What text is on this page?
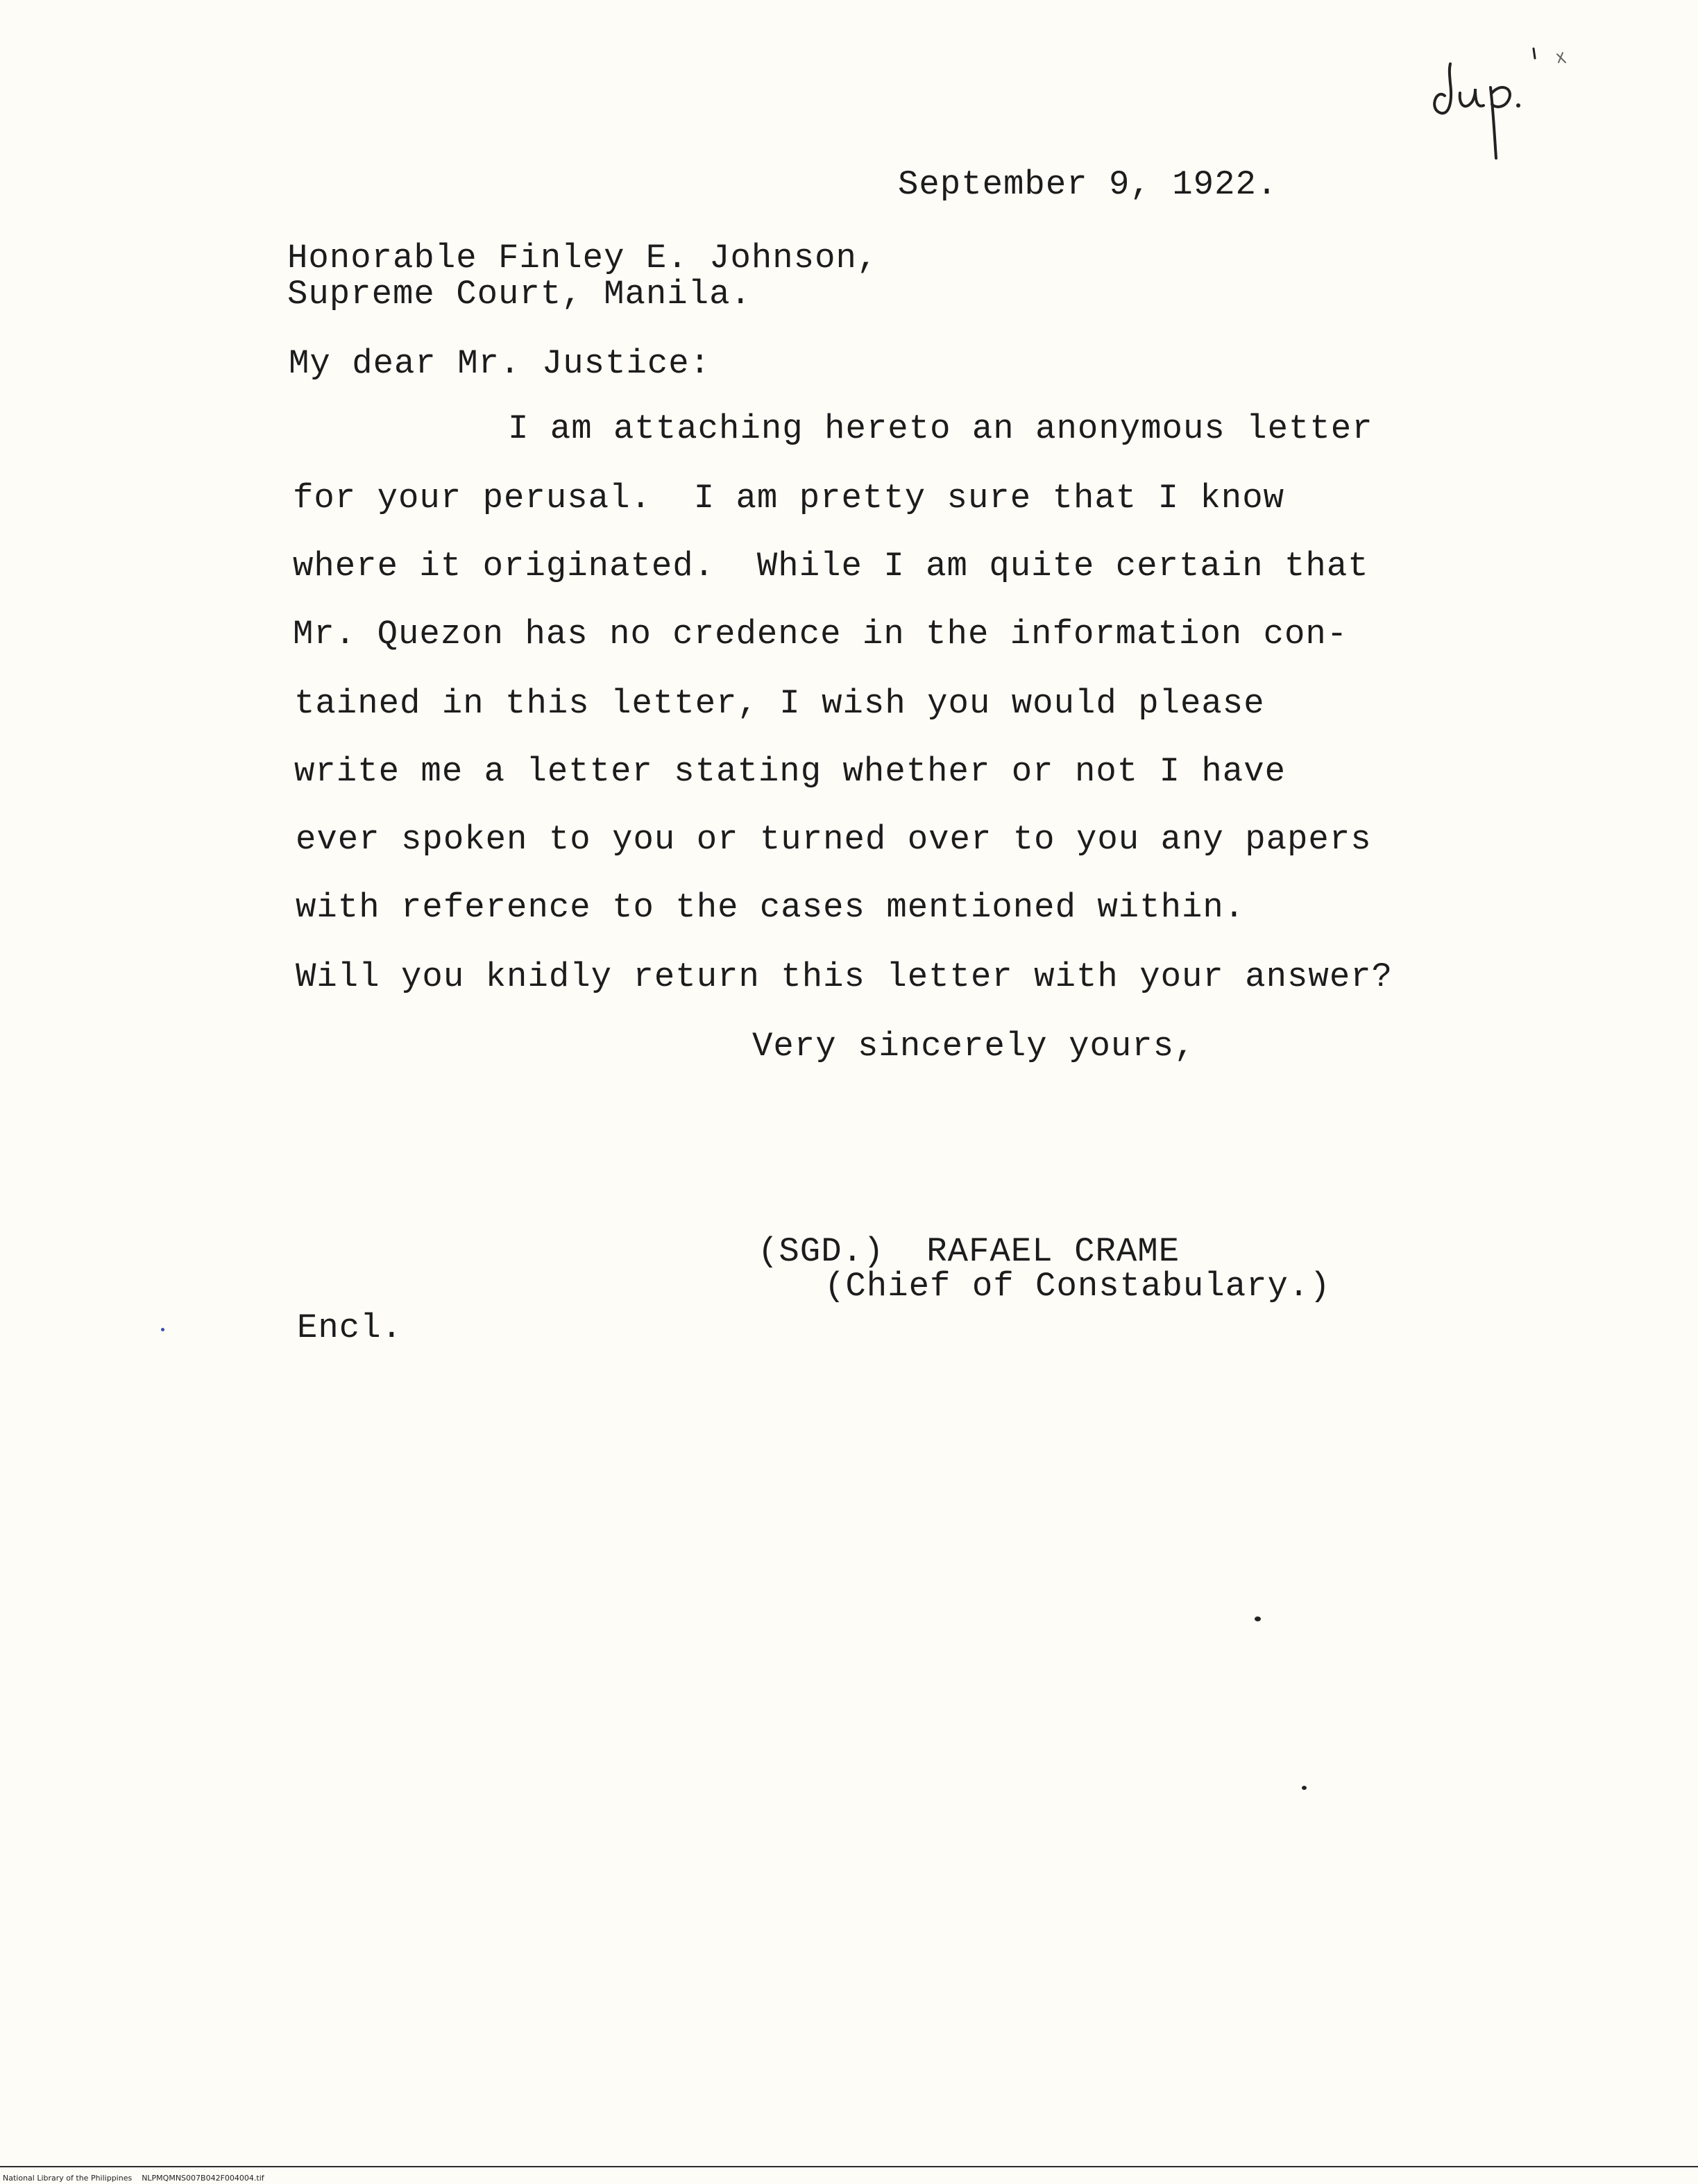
September 9, 1922.
Honorable Finley E. Johnson,
Supreme Court, Manila.
My dear Mr. Justice:
I am attaching hereto an anonymous letter
for your perusal.  I am pretty sure that I know
where it originated.  While I am quite certain that
Mr. Quezon has no credence in the information con-
tained in this letter, I wish you would please
write me a letter stating whether or not I have
ever spoken to you or turned over to you any papers
with reference to the cases mentioned within.
Will you knidly return this letter with your answer?
Very sincerely yours,
(SGD.)  RAFAEL CRAME
(Chief of Constabulary.)
Encl.
National Library of the Philippines    NLPMQMNS007B042F004004.tif
